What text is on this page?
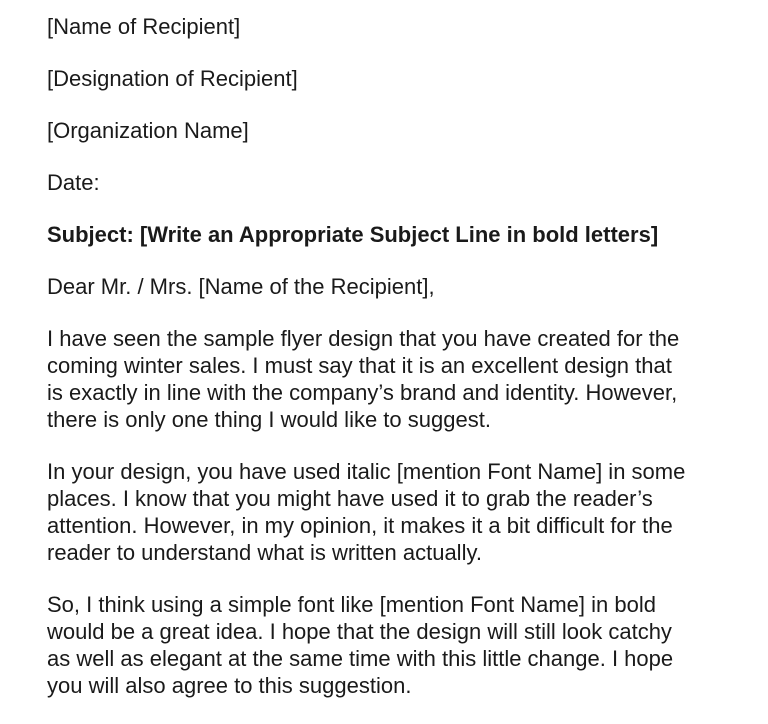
[Name of Recipient]

[Designation of Recipient]

[Organization Name]

Date:

Subject: [Write an Appropriate Subject Line in bold letters]

Dear Mr. / Mrs. [Name of the Recipient],

I have seen the sample flyer design that you have created for the
coming winter sales. I must say that it is an excellent design that
is exactly in line with the company’s brand and identity. However,
there is only one thing I would like to suggest.
In your design, you have used italic [mention Font Name] in some
places. I know that you might have used it to grab the reader’s
attention. However, in my opinion, it makes it a bit difficult for the
reader to understand what is written actually.
So, I think using a simple font like [mention Font Name] in bold
would be a great idea. I hope that the design will still look catchy
as well as elegant at the same time with this little change. I hope
you will also agree to this suggestion.
